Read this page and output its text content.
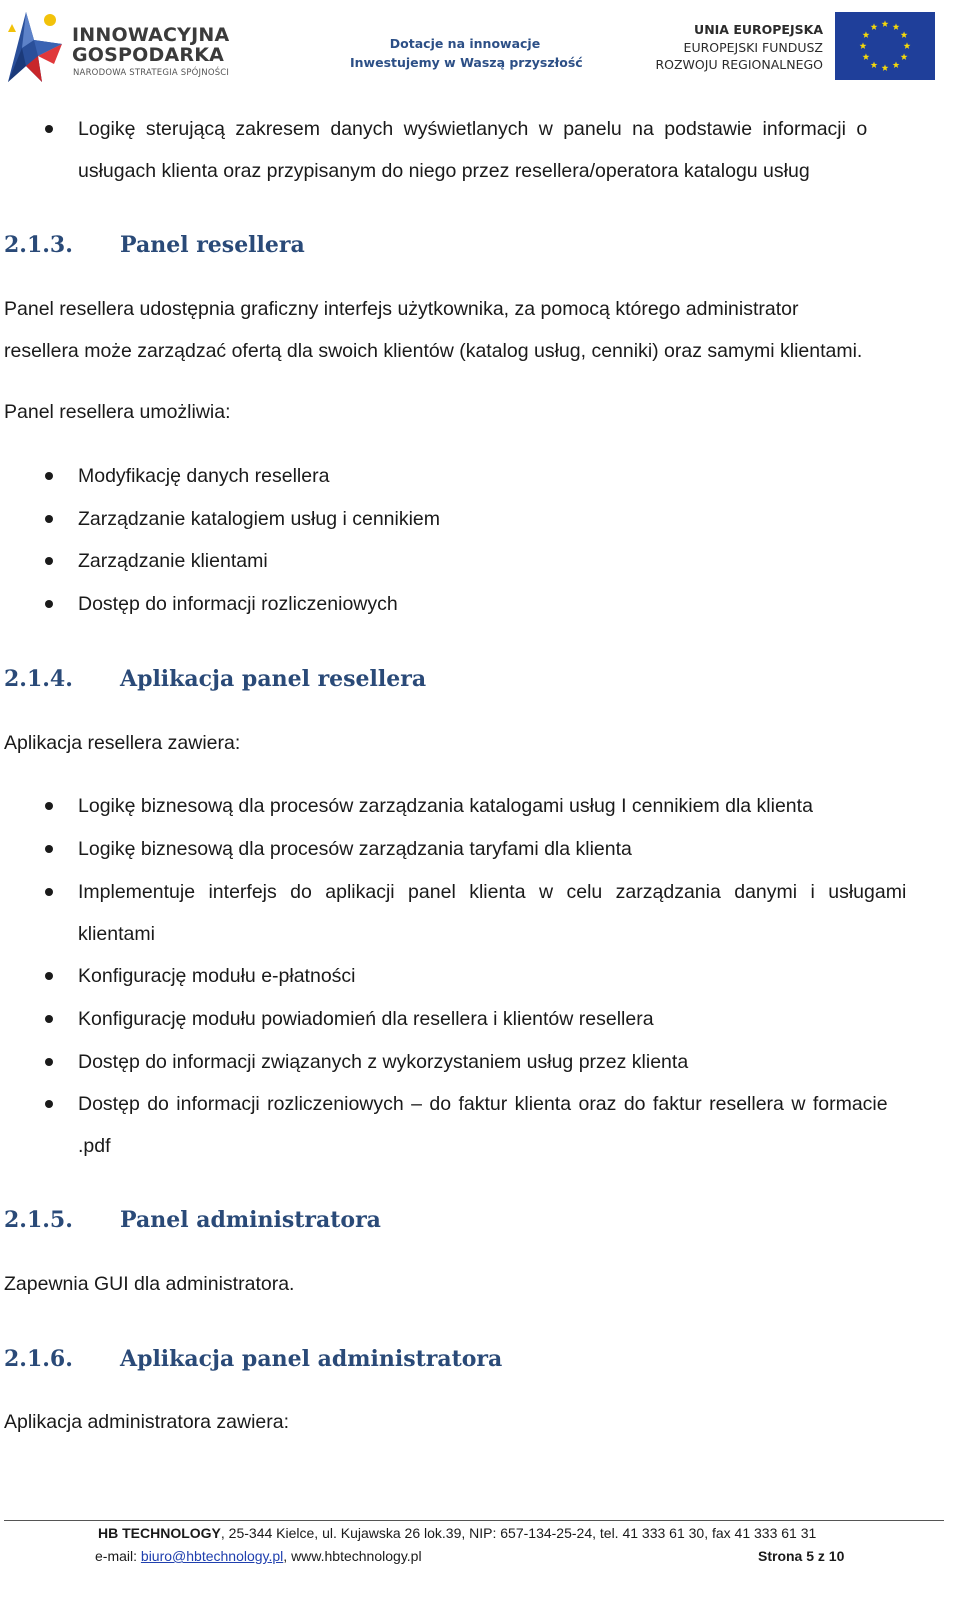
INNOWACYJNA
GOSPODARKA
NARODOWA STRATEGIA SPÓJNOŚCI
Dotacje na innowacje
Inwestujemy w Waszą przyszłość
UNIA EUROPEJSKA
EUROPEJSKI FUNDUSZ
ROZWOJU REGIONALNEGO
Logikę sterującą zakresem danych wyświetlanych w panelu na podstawie informacji o
usługach klienta oraz przypisanym do niego przez resellera/operatora katalogu usług
2.1.3. Panel resellera
Panel resellera udostępnia graficzny interfejs użytkownika, za pomocą którego administrator
resellera może zarządzać ofertą dla swoich klientów (katalog usług, cenniki) oraz samymi klientami.
Panel resellera umożliwia:
Modyfikację danych resellera
Zarządzanie katalogiem usług i cennikiem
Zarządzanie klientami
Dostęp do informacji rozliczeniowych
2.1.4. Aplikacja panel resellera
Aplikacja resellera zawiera:
Logikę biznesową dla procesów zarządzania katalogami usług I cennikiem dla klienta
Logikę biznesową dla procesów zarządzania taryfami dla klienta
Implementuje interfejs do aplikacji panel klienta w celu zarządzania danymi i usługami
klientami
Konfigurację modułu e-płatności
Konfigurację modułu powiadomień dla resellera i klientów resellera
Dostęp do informacji związanych z wykorzystaniem usług przez klienta
Dostęp do informacji rozliczeniowych – do faktur klienta oraz do faktur resellera w formacie
.pdf
2.1.5. Panel administratora
Zapewnia GUI dla administratora.
2.1.6. Aplikacja panel administratora
Aplikacja administratora zawiera:
HB TECHNOLOGY, 25-344 Kielce, ul. Kujawska 26 lok.39, NIP: 657-134-25-24, tel. 41 333 61 30, fax 41 333 61 31
e-mail: biuro@hbtechnology.pl, www.hbtechnology.pl	Strona 5 z 10
